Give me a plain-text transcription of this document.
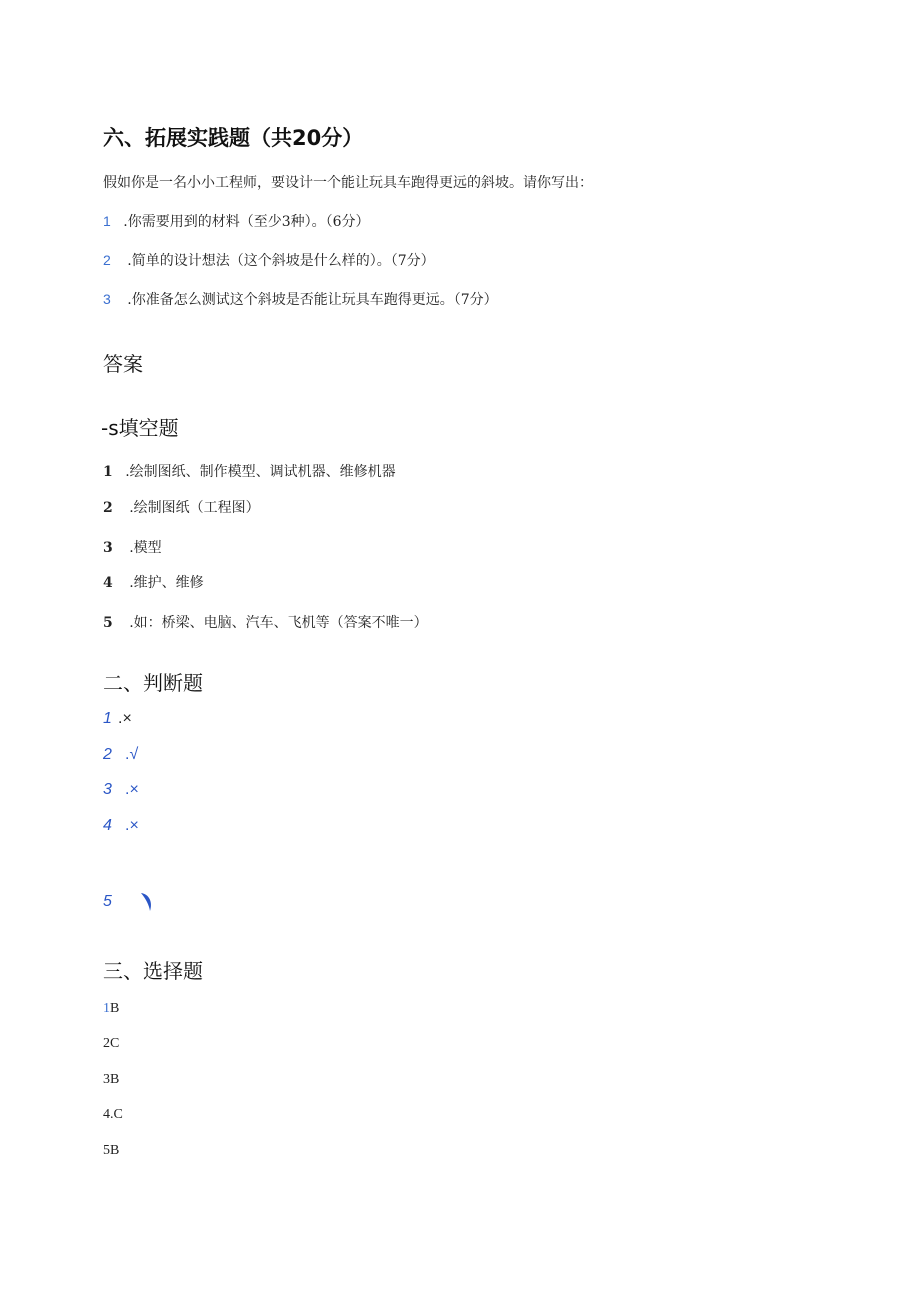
六、拓展实践题（共20分）
假如你是一名小小工程师，要设计一个能让玩具车跑得更远的斜坡。请你写出：
1 .你需要用到的材料（至少3种）。（6分）
2 .简单的设计想法（这个斜坡是什么样的）。（7分）
3 .你准备怎么测试这个斜坡是否能让玩具车跑得更远。（7分）
答案
-s填空题
1 .绘制图纸、制作模型、调试机器、维修机器
2 .绘制图纸（工程图）
3 .模型
4 .维护、维修
5 .如：桥梁、电脑、汽车、飞机等（答案不唯一）
二、判断题
1 .×
2 .√
3 .×
4 .×
5
三、选择题
1B
2C
3B
4.C
5B
